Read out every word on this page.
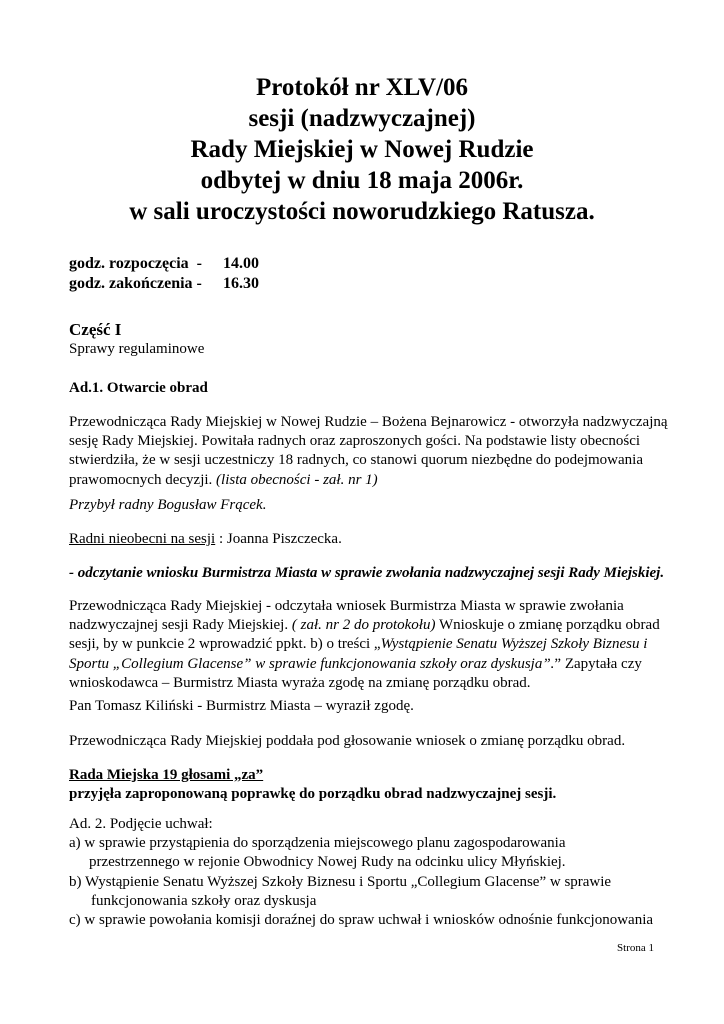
Protokół nr XLV/06
sesji (nadzwyczajnej)
Rady Miejskiej w Nowej Rudzie
odbytej w dniu 18 maja 2006r.
w sali uroczystości noworudzkiego Ratusza.
godz. rozpoczęcia  - 14.00
godz. zakończenia - 16.30
Część I
Sprawy regulaminowe
Ad.1. Otwarcie obrad
Przewodnicząca Rady Miejskiej w Nowej Rudzie – Bożena Bejnarowicz - otworzyła nadzwyczajną
sesję Rady Miejskiej. Powitała radnych oraz zaproszonych gości. Na podstawie listy obecności
stwierdziła, że w sesji uczestniczy 18 radnych, co stanowi quorum niezbędne do podejmowania
prawomocnych decyzji. (lista obecności - zał. nr 1)
Przybył radny Bogusław Frącek.
Radni nieobecni na sesji : Joanna Piszczecka.
- odczytanie wniosku Burmistrza Miasta w sprawie zwołania nadzwyczajnej sesji Rady Miejskiej.
Przewodnicząca Rady Miejskiej - odczytała wniosek Burmistrza Miasta w sprawie zwołania
nadzwyczajnej sesji Rady Miejskiej. ( zał. nr 2 do protokołu) Wnioskuje o zmianę porządku obrad
sesji, by w punkcie 2 wprowadzić ppkt. b) o treści „Wystąpienie Senatu Wyższej Szkoły Biznesu i
Sportu „Collegium Glacense” w sprawie funkcjonowania szkoły oraz dyskusja”.” Zapytała czy
wnioskodawca – Burmistrz Miasta wyraża zgodę na zmianę porządku obrad.
Pan Tomasz Kiliński - Burmistrz Miasta – wyraził zgodę.
Przewodnicząca Rady Miejskiej poddała pod głosowanie wniosek o zmianę porządku obrad.
Rada Miejska 19 głosami „za”
przyjęła zaproponowaną poprawkę do porządku obrad nadzwyczajnej sesji.
Ad. 2. Podjęcie uchwał:
a) w sprawie przystąpienia do sporządzenia miejscowego planu zagospodarowania
przestrzennego w rejonie Obwodnicy Nowej Rudy na odcinku ulicy Młyńskiej.
b) Wystąpienie Senatu Wyższej Szkoły Biznesu i Sportu „Collegium Glacense” w sprawie
funkcjonowania szkoły oraz dyskusja
c) w sprawie powołania komisji doraźnej do spraw uchwał i wniosków odnośnie funkcjonowania
Strona 1
